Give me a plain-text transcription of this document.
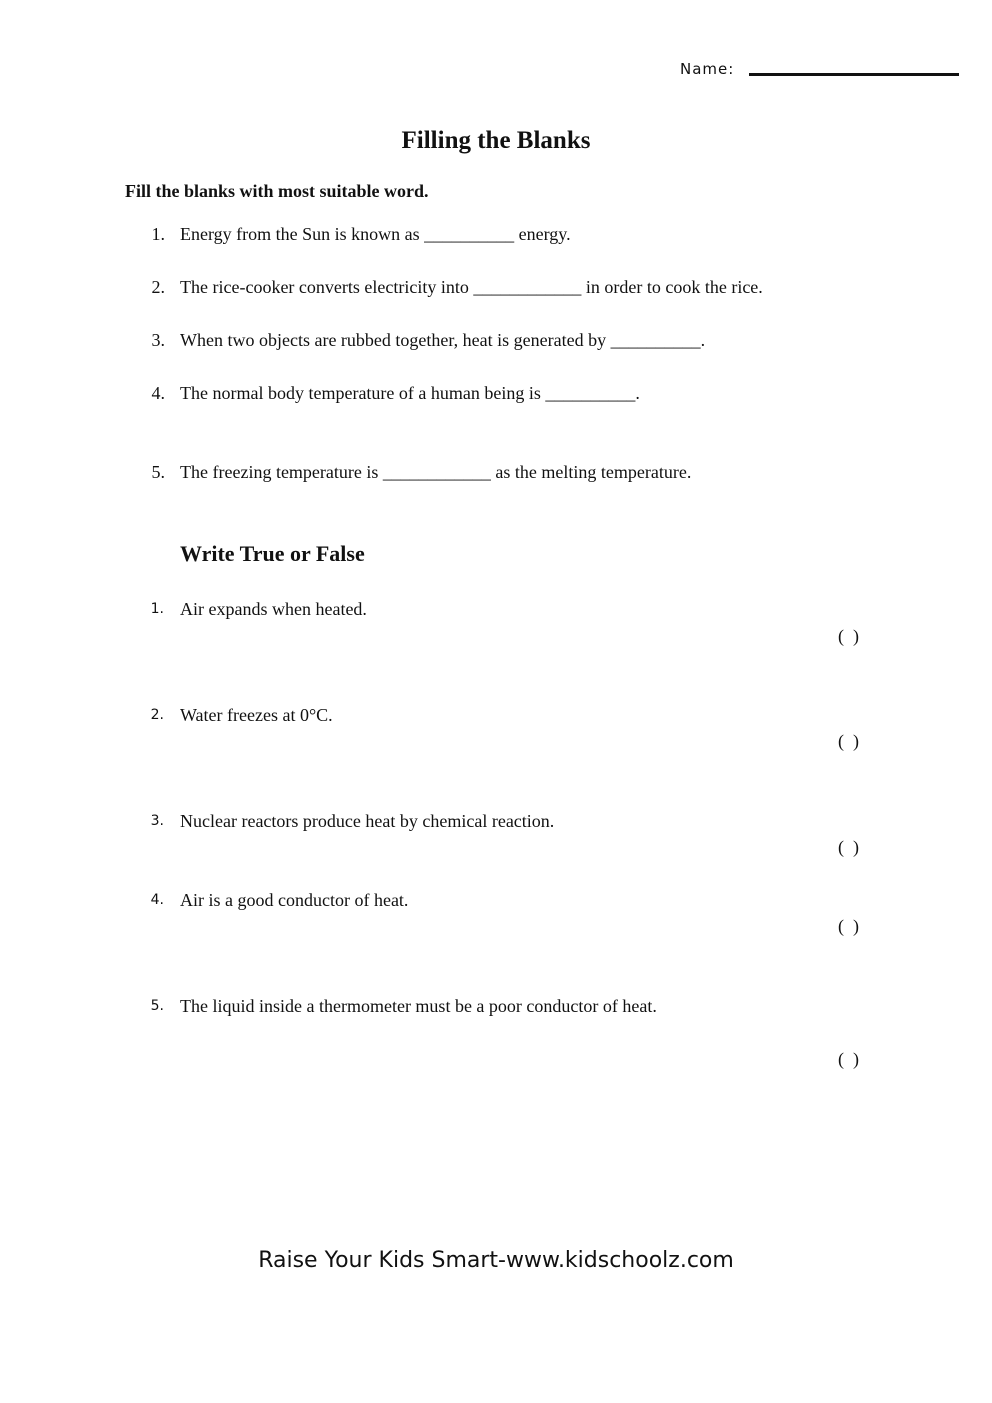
Name:
Filling the Blanks
Fill the blanks with most suitable word.
1. Energy from the Sun is known as __________ energy.
2. The rice-cooker converts electricity into ____________ in order to cook the rice.
3. When two objects are rubbed together, heat is generated by __________.
4. The normal body temperature of a human being is __________.
5. The freezing temperature is ____________ as the melting temperature.
Write True or False
1. Air expands when heated.
(  )
2. Water freezes at 0°C.
(  )
3. Nuclear reactors produce heat by chemical reaction.
(  )
4. Air is a good conductor of heat.
(  )
5. The liquid inside a thermometer must be a poor conductor of heat.
(  )
Raise Your Kids Smart-www.kidschoolz.com
